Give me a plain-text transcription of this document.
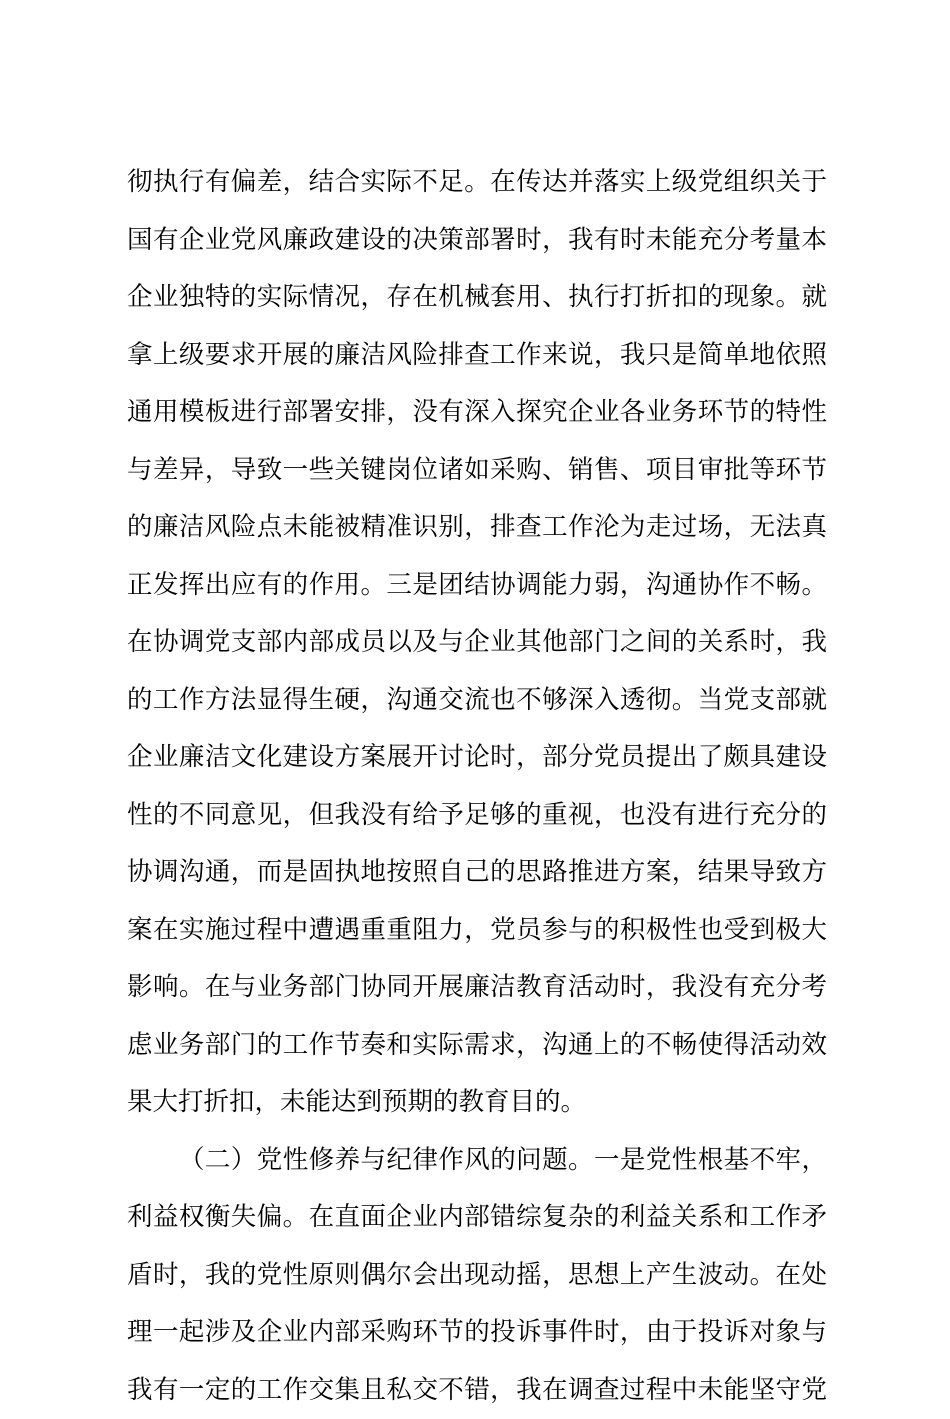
彻执行有偏差，结合实际不足。在传达并落实上级党组织关于
国有企业党风廉政建设的决策部署时，我有时未能充分考量本
企业独特的实际情况，存在机械套用、执行打折扣的现象。就
拿上级要求开展的廉洁风险排查工作来说，我只是简单地依照
通用模板进行部署安排，没有深入探究企业各业务环节的特性
与差异，导致一些关键岗位诸如采购、销售、项目审批等环节
的廉洁风险点未能被精准识别，排查工作沦为走过场，无法真
正发挥出应有的作用。三是团结协调能力弱，沟通协作不畅。
在协调党支部内部成员以及与企业其他部门之间的关系时，我
的工作方法显得生硬，沟通交流也不够深入透彻。当党支部就
企业廉洁文化建设方案展开讨论时，部分党员提出了颇具建设
性的不同意见，但我没有给予足够的重视，也没有进行充分的
协调沟通，而是固执地按照自己的思路推进方案，结果导致方
案在实施过程中遭遇重重阻力，党员参与的积极性也受到极大
影响。在与业务部门协同开展廉洁教育活动时，我没有充分考
虑业务部门的工作节奏和实际需求，沟通上的不畅使得活动效
果大打折扣，未能达到预期的教育目的。
（二）党性修养与纪律作风的问题。一是党性根基不牢，
利益权衡失偏。在直面企业内部错综复杂的利益关系和工作矛
盾时，我的党性原则偶尔会出现动摇，思想上产生波动。在处
理一起涉及企业内部采购环节的投诉事件时，由于投诉对象与
我有一定的工作交集且私交不错，我在调查过程中未能坚守党
